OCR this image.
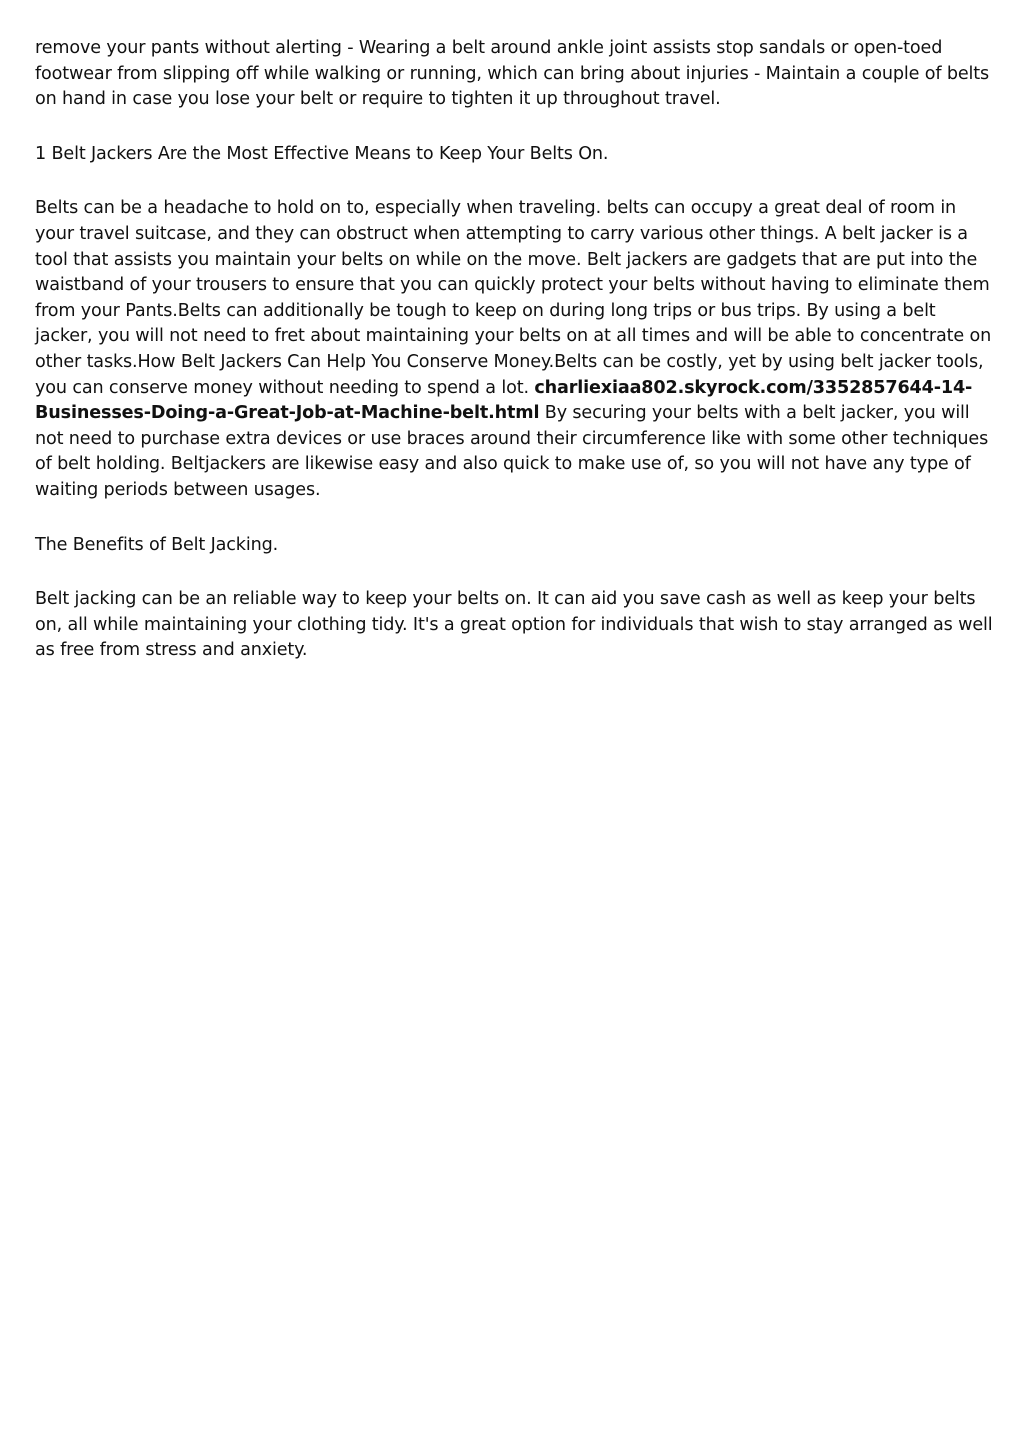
remove your pants without alerting - Wearing a belt around ankle joint assists stop sandals or open-toed footwear from slipping off while walking or running, which can bring about injuries - Maintain a couple of belts on hand in case you lose your belt or require to tighten it up throughout travel.

1 Belt Jackers Are the Most Effective Means to Keep Your Belts On.

Belts can be a headache to hold on to, especially when traveling. belts can occupy a great deal of room in your travel suitcase, and they can obstruct when attempting to carry various other things. A belt jacker is a tool that assists you maintain your belts on while on the move. Belt jackers are gadgets that are put into the waistband of your trousers to ensure that you can quickly protect your belts without having to eliminate them from your Pants.Belts can additionally be tough to keep on during long trips or bus trips. By using a belt jacker, you will not need to fret about maintaining your belts on at all times and will be able to concentrate on other tasks.How Belt Jackers Can Help You Conserve Money.Belts can be costly, yet by using belt jacker tools, you can conserve money without needing to spend a lot. charliexiaa802.skyrock.com/3352857644-14-Businesses-Doing-a-Great-Job-at-Machine-belt.html By securing your belts with a belt jacker, you will not need to purchase extra devices or use braces around their circumference like with some other techniques of belt holding. Beltjackers are likewise easy and also quick to make use of, so you will not have any type of waiting periods between usages.

The Benefits of Belt Jacking.

Belt jacking can be an reliable way to keep your belts on. It can aid you save cash as well as keep your belts on, all while maintaining your clothing tidy. It's a great option for individuals that wish to stay arranged as well as free from stress and anxiety.
